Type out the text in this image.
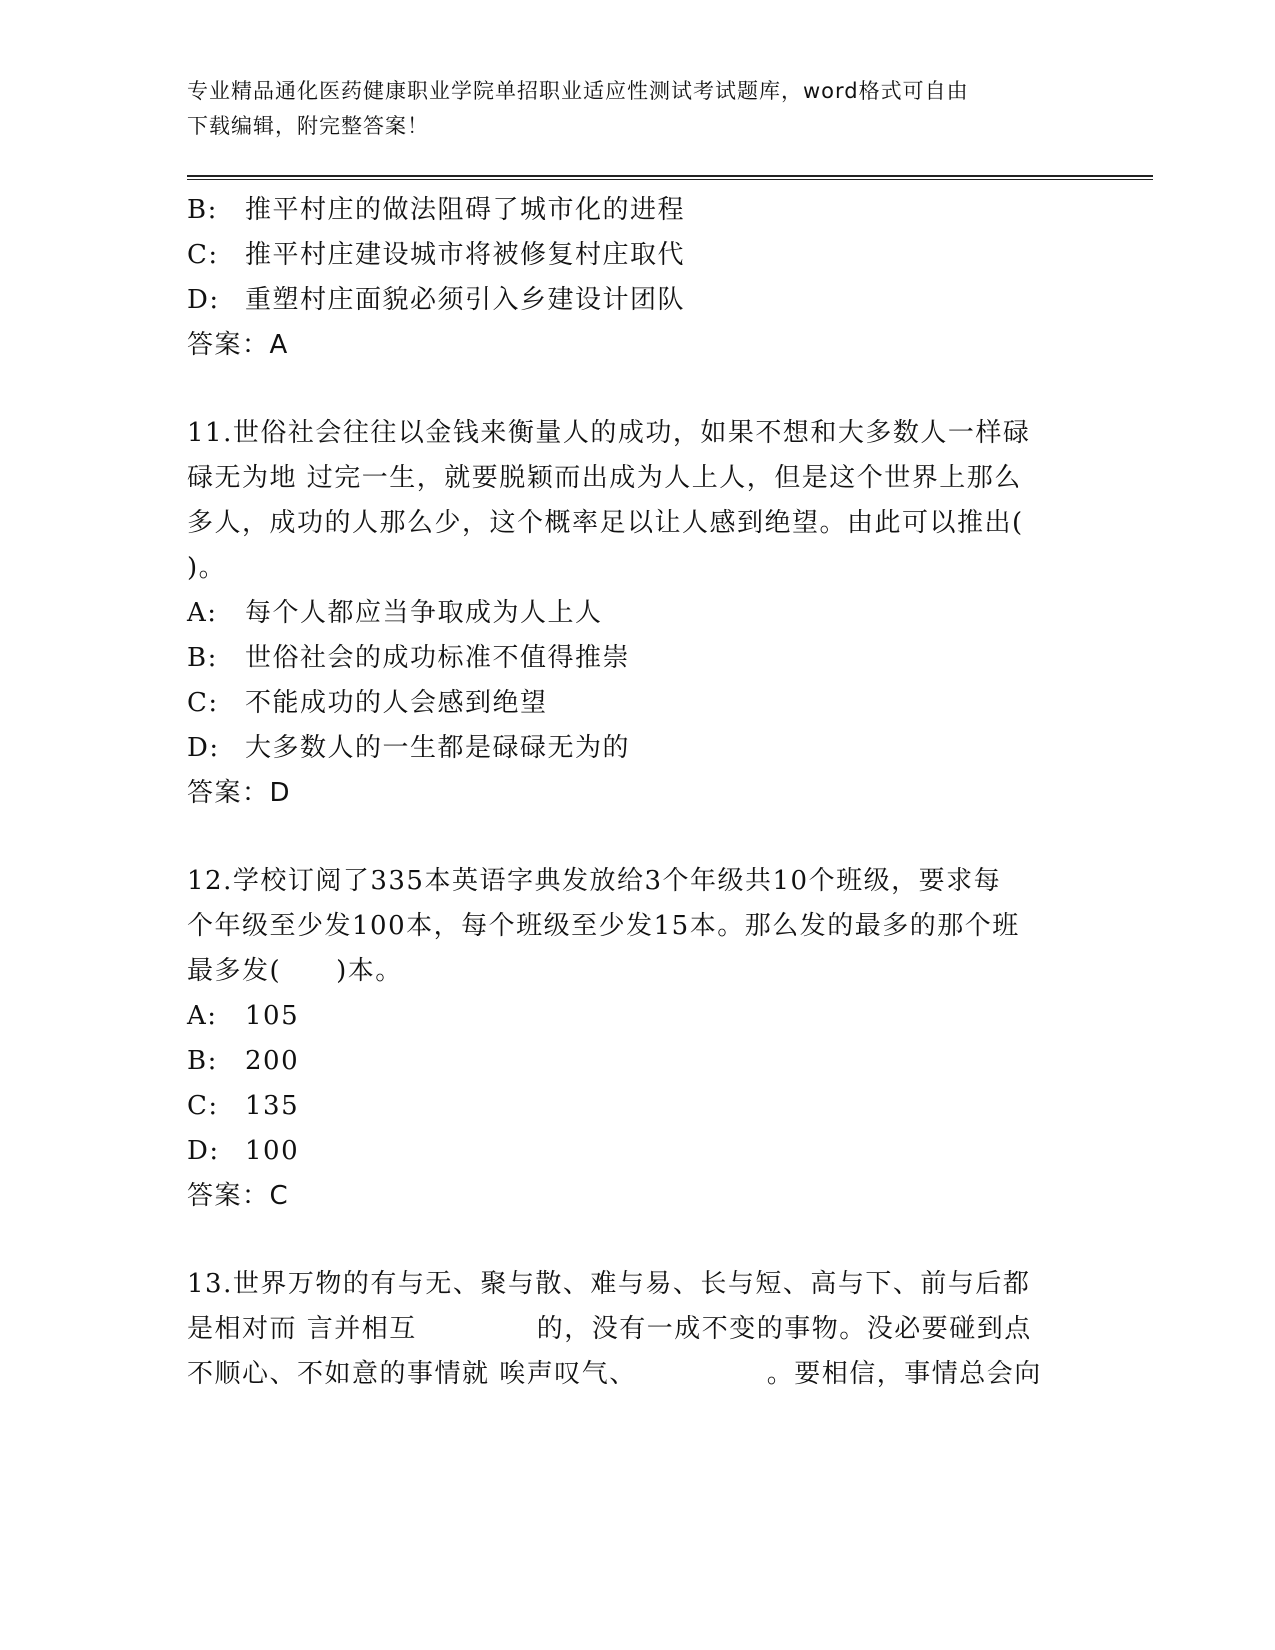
专业精品通化医药健康职业学院单招职业适应性测试考试题库，word格式可自由
下载编辑，附完整答案！
B: 推平村庄的做法阻碍了城市化的进程
C: 推平村庄建设城市将被修复村庄取代
D: 重塑村庄面貌必须引入乡建设计团队
答案：A
11.世俗社会往往以金钱来衡量人的成功，如果不想和大多数人一样碌
碌无为地 过完一生，就要脱颖而出成为人上人，但是这个世界上那么
多人，成功的人那么少，这个概率足以让人感到绝望。由此可以推出(
)。
A: 每个人都应当争取成为人上人
B: 世俗社会的成功标准不值得推崇
C: 不能成功的人会感到绝望
D: 大多数人的一生都是碌碌无为的
答案：D
12.学校订阅了335本英语字典发放给3个年级共10个班级，要求每
个年级至少发100本，每个班级至少发15本。那么发的最多的那个班
最多发(　　)本。
A: 105
B: 200
C: 135
D: 100
答案：C
13.世界万物的有与无、聚与散、难与易、长与短、高与下、前与后都
是相对而 言并相互	的，没有一成不变的事物。没必要碰到点
不顺心、不如意的事情就 唉声叹气、	。要相信，事情总会向
